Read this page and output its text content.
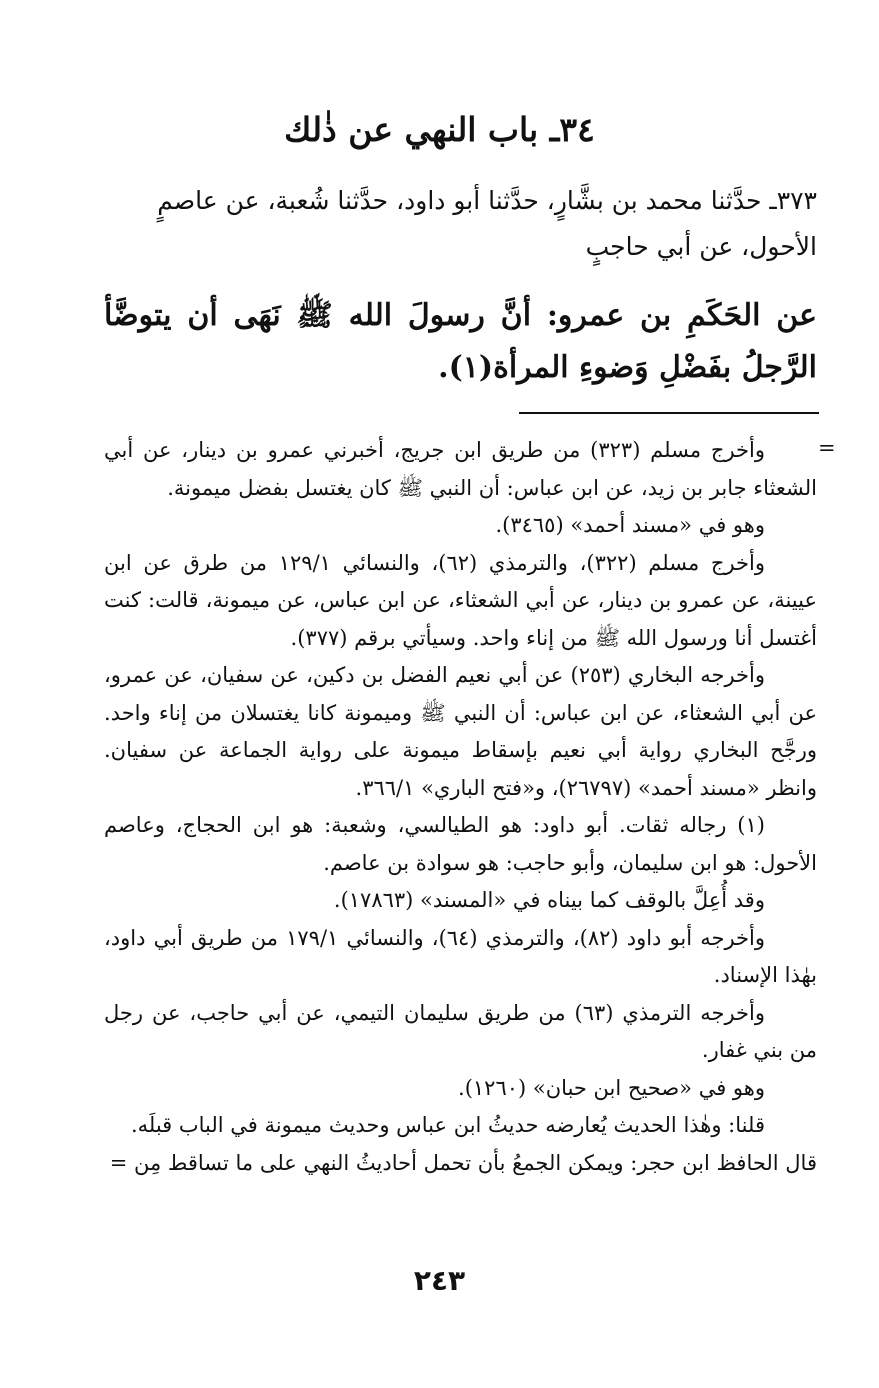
٣٤ـ باب النهي عن ذٰلك

٣٧٣ـ حدَّثنا محمد بن بشَّارٍ، حدَّثنا أبو داود، حدَّثنا شُعبة، عن عاصمٍ

الأحول، عن أبي حاجبٍ

عن الحَكَمِ بن عمرو: أنَّ رسولَ الله ﷺ نَهَى أن يتوضَّأ الرَّجلُ بفَضْلِ وَضوءِ المرأة(١).
=

وأخرج مسلم (٣٢٣) من طريق ابن جريج، أخبرني عمرو بن دينار، عن أبي الشعثاء جابر بن زيد، عن ابن عباس: أن النبي ﷺ كان يغتسل بفضل ميمونة.

وهو في «مسند أحمد» (٣٤٦٥).

وأخرج مسلم (٣٢٢)، والترمذي (٦٢)، والنسائي ١٢٩/١ من طرق عن ابن عيينة، عن عمرو بن دينار، عن أبي الشعثاء، عن ابن عباس، عن ميمونة، قالت: كنت أغتسل أنا ورسول الله ﷺ من إناء واحد. وسيأتي برقم (٣٧٧).

وأخرجه البخاري (٢٥٣) عن أبي نعيم الفضل بن دكين، عن سفيان، عن عمرو، عن أبي الشعثاء، عن ابن عباس: أن النبي ﷺ وميمونة كانا يغتسلان من إناء واحد. ورجَّح البخاري رواية أبي نعيم بإسقاط ميمونة على رواية الجماعة عن سفيان. وانظر «مسند أحمد» (٢٦٧٩٧)، و«فتح الباري» ٣٦٦/١.

(١) رجاله ثقات. أبو داود: هو الطيالسي، وشعبة: هو ابن الحجاج، وعاصم الأحول: هو ابن سليمان، وأبو حاجب: هو سوادة بن عاصم.

وقد أُعِلَّ بالوقف كما بيناه في «المسند» (١٧٨٦٣).

وأخرجه أبو داود (٨٢)، والترمذي (٦٤)، والنسائي ١٧٩/١ من طريق أبي داود، بهٰذا الإسناد.

وأخرجه الترمذي (٦٣) من طريق سليمان التيمي، عن أبي حاجب، عن رجل من بني غفار.

وهو في «صحيح ابن حبان» (١٢٦٠).

قلنا: وهٰذا الحديث يُعارضه حديثُ ابن عباس وحديث ميمونة في الباب قبلَه.

قال الحافظ ابن حجر: ويمكن الجمعُ بأن تحمل أحاديثُ النهي على ما تساقط مِن =

٢٤٣
